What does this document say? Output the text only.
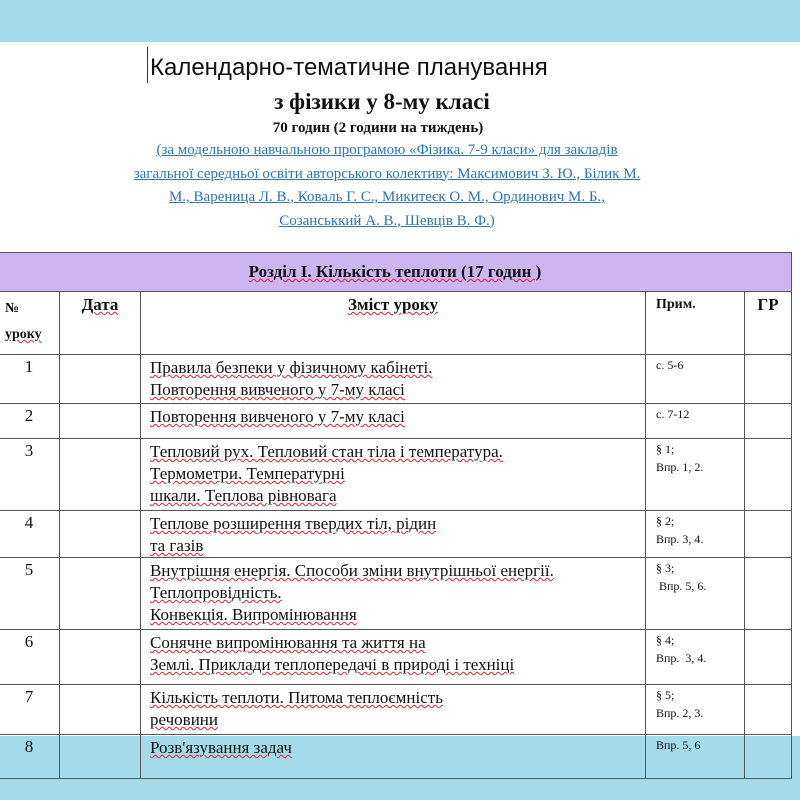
Календарно-тематичне планування
з фізики у 8-му класі
70 годин (2 години на тиждень)
(за модельною навчальною програмою «Фізика. 7-9 класи» для закладів
загальної середньої освіти авторського колективу: Максимович З. Ю., Білик М.
М., Вареница Л. В., Коваль Г. С., Микитеєк О. М., Ординович М. Б.,
Созанськкий А. В., Шевців В. Ф.)
Розділ І. Кількість теплоти (17 годин )				

№
уроку	Дата	Зміст уроку	Прим.	ГР
1		Правила безпеки у фізичному кабінеті.
Повторення вивченого у 7-му класі	с. 5-6	
2		Повторення вивченого у 7-му класі	с. 7-12	
3		Тепловий рух. Тепловий стан тіла і температура.
Термометри. Температурні
шкали. Теплова рівновага	§ 1;
Впр. 1, 2.	
4		Теплове розширення твердих тіл, рідин
та газів	§ 2;
Впр. 3, 4.	
5		Внутрішня енергія. Способи зміни внутрішньої енергії.
Теплопровідність.
Конвекція. Випромінювання	§ 3;
Впр. 5, 6.	
6		Сонячне випромінювання та життя на
Землі. Приклади теплопередачі в природі і техніці	§ 4;
Впр.  3, 4.	
7		Кількість теплоти. Питома теплоємність
речовини	§ 5;
Впр. 2, 3.	
8		Розв'язування задач	Впр. 5, 6	
